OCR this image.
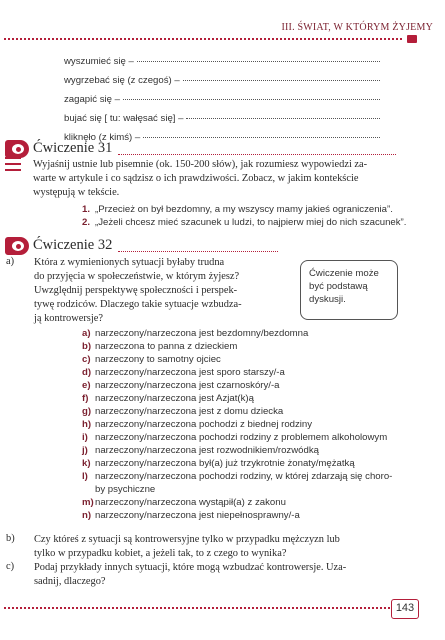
III. ŚWIAT, W KTÓRYM ŻYJEMY
wyszumieć się –
wygrzebać się (z czegoś) –
zagapić się –
bujać się [ tu: wałęsać się] –
kliknęło (z kimś) –
Ćwiczenie 31
Wyjaśnij ustnie lub pisemnie (ok. 150-200 słów), jak rozumiesz wypowiedzi za-
warte w artykule i co sądzisz o ich prawdziwości. Zobacz, w jakim kontekście
występują w tekście.
1. „Przecież on był bezdomny, a my wszyscy mamy jakieś ograniczenia”.
2. „Jeżeli chcesz mieć szacunek u ludzi, to najpierw miej do nich szacunek”.
Ćwiczenie 32
a) Która z wymienionych sytuacji byłaby trudna
do przyjęcia w społeczeństwie, w którym żyjesz?
Uwzględnij perspektywę społeczności i perspek-
tywę rodziców. Dlaczego takie sytuacje wzbudza-
ją kontrowersje?
Ćwiczenie może
być podstawą
dyskusji.
a) narzeczony/narzeczona jest bezdomny/bezdomna
b) narzeczona to panna z dzieckiem
c) narzeczony to samotny ojciec
d) narzeczony/narzeczona jest sporo starszy/-a
e) narzeczony/narzeczona jest czarnoskóry/-a
f) narzeczony/narzeczona jest Azjat(k)ą
g) narzeczony/narzeczona jest z domu dziecka
h) narzeczony/narzeczona pochodzi z biednej rodziny
i) narzeczony/narzeczona pochodzi rodziny z problemem alkoholowym
j) narzeczony/narzeczona jest rozwodnikiem/rozwódką
k) narzeczony/narzeczona był(a) już trzykrotnie żonaty/mężatką
l) narzeczony/narzeczona pochodzi rodziny, w której zdarzają się choro-
by psychiczne
m)narzeczony/narzeczona wystąpił(a) z zakonu
n) narzeczony/narzeczona jest niepełnosprawny/-a
b) Czy któreś z sytuacji są kontrowersyjne tylko w przypadku mężczyzn lub
tylko w przypadku kobiet, a jeżeli tak, to z czego to wynika?
c) Podaj przykłady innych sytuacji, które mogą wzbudzać kontrowersje. Uza-
sadnij, dlaczego?
143
